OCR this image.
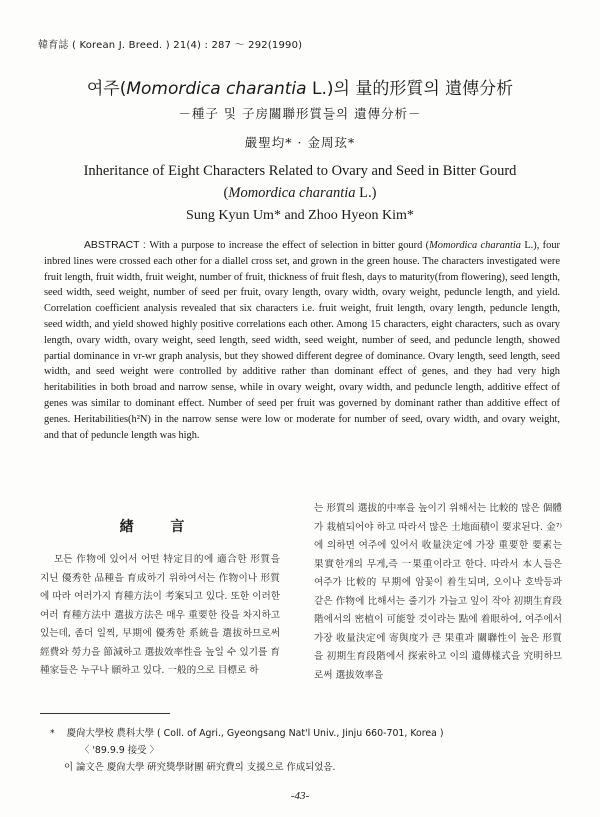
韓育誌 ( Korean J. Breed. ) 21(4) : 287 ～ 292(1990)
여주(Momordica charantia L.)의 量的形質의 遺傳分析
－種子 및 子房關聯形質들의 遺傳分析－
嚴聖均* · 金周玹*
Inheritance of Eight Characters Related to Ovary and Seed in Bitter Gourd
(Momordica charantia L.)
Sung Kyun Um* and Zhoo Hyeon Kim*
ABSTRACT : With a purpose to increase the effect of selection in bitter gourd (Momordica charantia L.), four inbred lines were crossed each other for a diallel cross set, and grown in the green house. The characters investigated were fruit length, fruit width, fruit weight, number of fruit, thickness of fruit flesh, days to maturity(from flowering), seed length, seed width, seed weight, number of seed per fruit, ovary length, ovary width, ovary weight, peduncle length, and yield. Correlation coefficient analysis revealed that six characters i.e. fruit weight, fruit length, ovary length, peduncle length, seed width, and yield showed highly positive correlations each other. Among 15 characters, eight characters, such as ovary length, ovary width, ovary weight, seed length, seed width, seed weight, number of seed, and peduncle length, showed partial dominance in vr-wr graph analysis, but they showed different degree of dominance. Ovary length, seed length, seed width, and seed weight were controlled by additive rather than dominant effect of genes, and they had very high heritabilities in both broad and narrow sense, while in ovary weight, ovary width, and peduncle length, additive effect of genes was similar to dominant effect. Number of seed per fruit was governed by dominant rather than additive effect of genes. Heritabilities(h²N) in the narrow sense were low or moderate for number of seed, ovary width, and ovary weight, and that of peduncle length was high.
緖 言
모든 作物에 있어서 어떤 特定目的에 適合한 形質을 지닌 優秀한 品種을 育成하기 위하여서는 作物이나 形質에 따라 여러가지 育種方法이 考案되고 있다. 또한 이러한 여러 育種方法中 選拔方法은 매우 重要한 役을 차지하고 있는데, 좀더 일찍, 早期에 優秀한 系統을 選拔하므로써 經費와 勞力을 節減하고 選拔效率性을 높일 수 있기를 育種家들은 누구나 願하고 있다. 一般的으로 目標로 하
는 形質의 選拔的中率을 높이기 위해서는 比較的 많은 個體가 栽植되어야 하고 따라서 많은 土地面積이 要求된다. 金⁷⁾에 의하면 여주에 있어서 收量決定에 가장 重要한 要素는 果實한개의 무게,즉 一果重이라고 한다. 따라서 本人들은 여주가 比較的 早期에 암꽃이 着生되며, 오이나 호박등과 같은 作物에 比해서는 줄기가 가늘고 잎이 작아 初期生育段階에서의 密植이 可能할 것이라는 點에 着眼하여, 여주에서 가장 收量決定에 寄與度가 큰 果重과 關聯性이 높은 形質을 初期生育段階에서 探索하고 이의 遺傳樣式을 究明하므로써 選拔效率을
* 慶尙大學校 農科大學 ( Coll. of Agri., Gyeongsang Nat'l Univ., Jinju 660-701, Korea )
〈 '89.9.9 接受 〉
이 論文은 慶尙大學 硏究獎學財團 硏究費의 支援으로 作成되었음.
-43-
